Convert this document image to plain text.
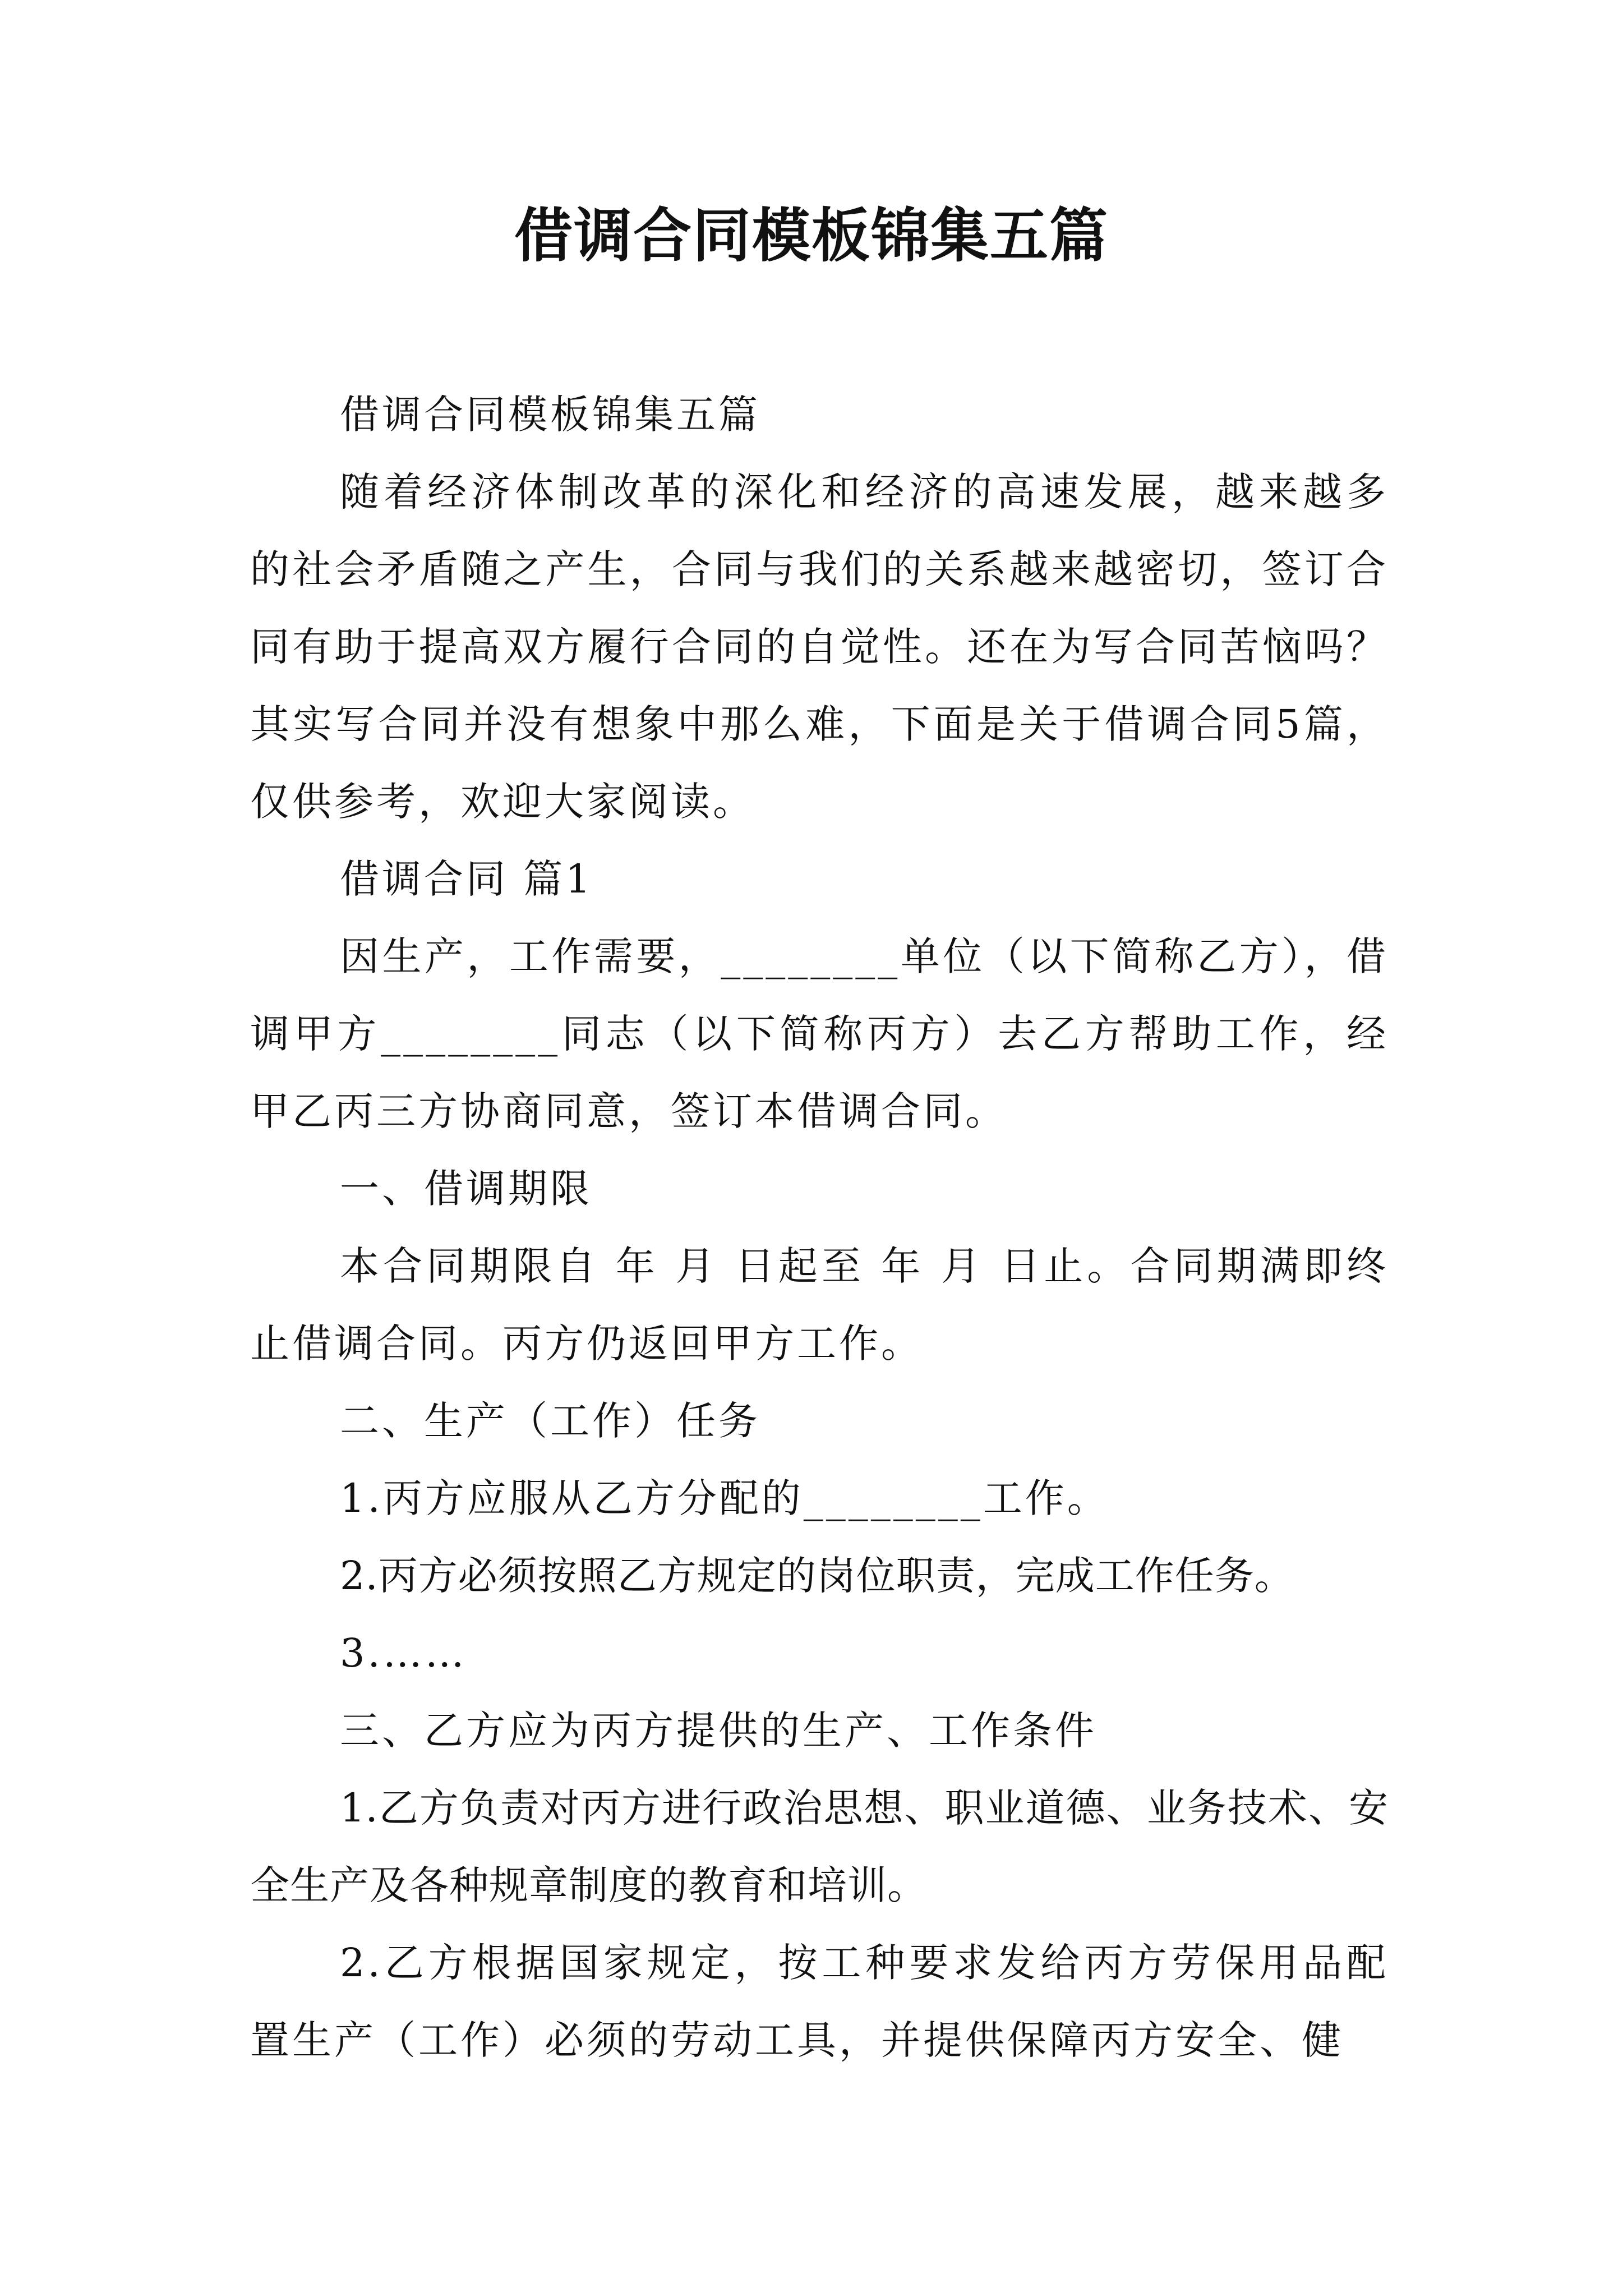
借调合同模板锦集五篇

借调合同模板锦集五篇

随着经济体制改革的深化和经济的高速发展，越来越多的社会矛盾随之产生，合同与我们的关系越来越密切，签订合同有助于提高双方履行合同的自觉性。还在为写合同苦恼吗？其实写合同并没有想象中那么难，下面是关于借调合同5篇，仅供参考，欢迎大家阅读。

借调合同 篇1

因生产，工作需要，________单位（以下简称乙方），借调甲方________同志（以下简称丙方）去乙方帮助工作，经甲乙丙三方协商同意，签订本借调合同。

一、借调期限

本合同期限自 年 月 日起至 年 月 日止。合同期满即终止借调合同。丙方仍返回甲方工作。

二、生产（工作）任务

1.丙方应服从乙方分配的________工作。

2.丙方必须按照乙方规定的岗位职责，完成工作任务。

3.……

三、乙方应为丙方提供的生产、工作条件

1.乙方负责对丙方进行政治思想、职业道德、业务技术、安全生产及各种规章制度的教育和培训。

2.乙方根据国家规定，按工种要求发给丙方劳保用品配置生产（工作）必须的劳动工具，并提供保障丙方安全、健
